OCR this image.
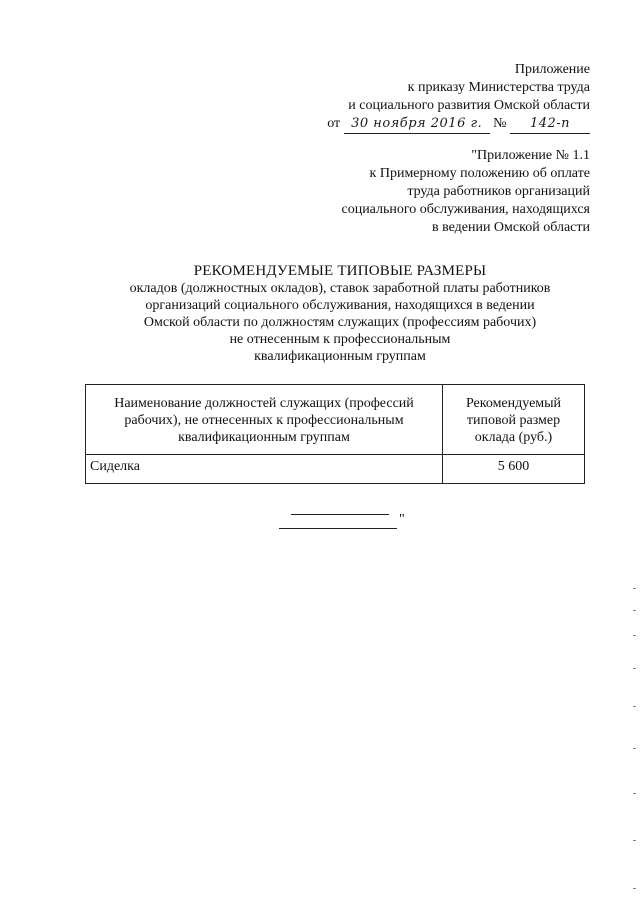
Приложение
к приказу Министерства труда
и социального развития Омской области
от 30 ноября 2016 г. № 142-п
"Приложение № 1.1
к Примерному положению об оплате
труда работников организаций
социального обслуживания, находящихся
в ведении Омской области
РЕКОМЕНДУЕМЫЕ ТИПОВЫЕ РАЗМЕРЫ
окладов (должностных окладов), ставок заработной платы работников
организаций социального обслуживания, находящихся в ведении
Омской области по должностям служащих (профессиям рабочих)
не отнесенным к профессиональным
квалификационным группам
Наименование должностей служащих (профессий рабочих), не отнесенных к профессиональным квалификационным группам	Рекомендуемый типовой размер оклада (руб.)
Сиделка	5 600
"
